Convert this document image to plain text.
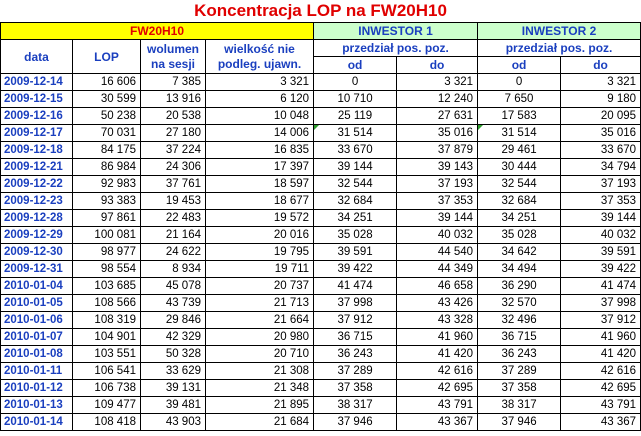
Koncentracja LOP na FW20H10
FW20H10				INWESTOR 1		INWESTOR 2	
data	LOP	wolumen na sesji	wielkość nie podleg. ujawn.	przedział pos. poz.		przedział pos. poz.	
				od	do	od	do
2009-12-14	16 606	7 385	3 321	0	3 321	0	3 321
2009-12-15	30 599	13 916	6 120	10 710	12 240	7 650	9 180
2009-12-16	50 238	20 538	10 048	25 119	27 631	17 583	20 095
2009-12-17	70 031	27 180	14 006	31 514	35 016	31 514	35 016
2009-12-18	84 175	37 224	16 835	33 670	37 879	29 461	33 670
2009-12-21	86 984	24 306	17 397	39 144	39 143	30 444	34 794
2009-12-22	92 983	37 761	18 597	32 544	37 193	32 544	37 193
2009-12-23	93 383	19 453	18 677	32 684	37 353	32 684	37 353
2009-12-28	97 861	22 483	19 572	34 251	39 144	34 251	39 144
2009-12-29	100 081	21 164	20 016	35 028	40 032	35 028	40 032
2009-12-30	98 977	24 622	19 795	39 591	44 540	34 642	39 591
2009-12-31	98 554	8 934	19 711	39 422	44 349	34 494	39 422
2010-01-04	103 685	45 078	20 737	41 474	46 658	36 290	41 474
2010-01-05	108 566	43 739	21 713	37 998	43 426	32 570	37 998
2010-01-06	108 319	29 846	21 664	37 912	43 328	32 496	37 912
2010-01-07	104 901	42 329	20 980	36 715	41 960	36 715	41 960
2010-01-08	103 551	50 328	20 710	36 243	41 420	36 243	41 420
2010-01-11	106 541	33 629	21 308	37 289	42 616	37 289	42 616
2010-01-12	106 738	39 131	21 348	37 358	42 695	37 358	42 695
2010-01-13	109 477	39 481	21 895	38 317	43 791	38 317	43 791
2010-01-14	108 418	43 903	21 684	37 946	43 367	37 946	43 367
